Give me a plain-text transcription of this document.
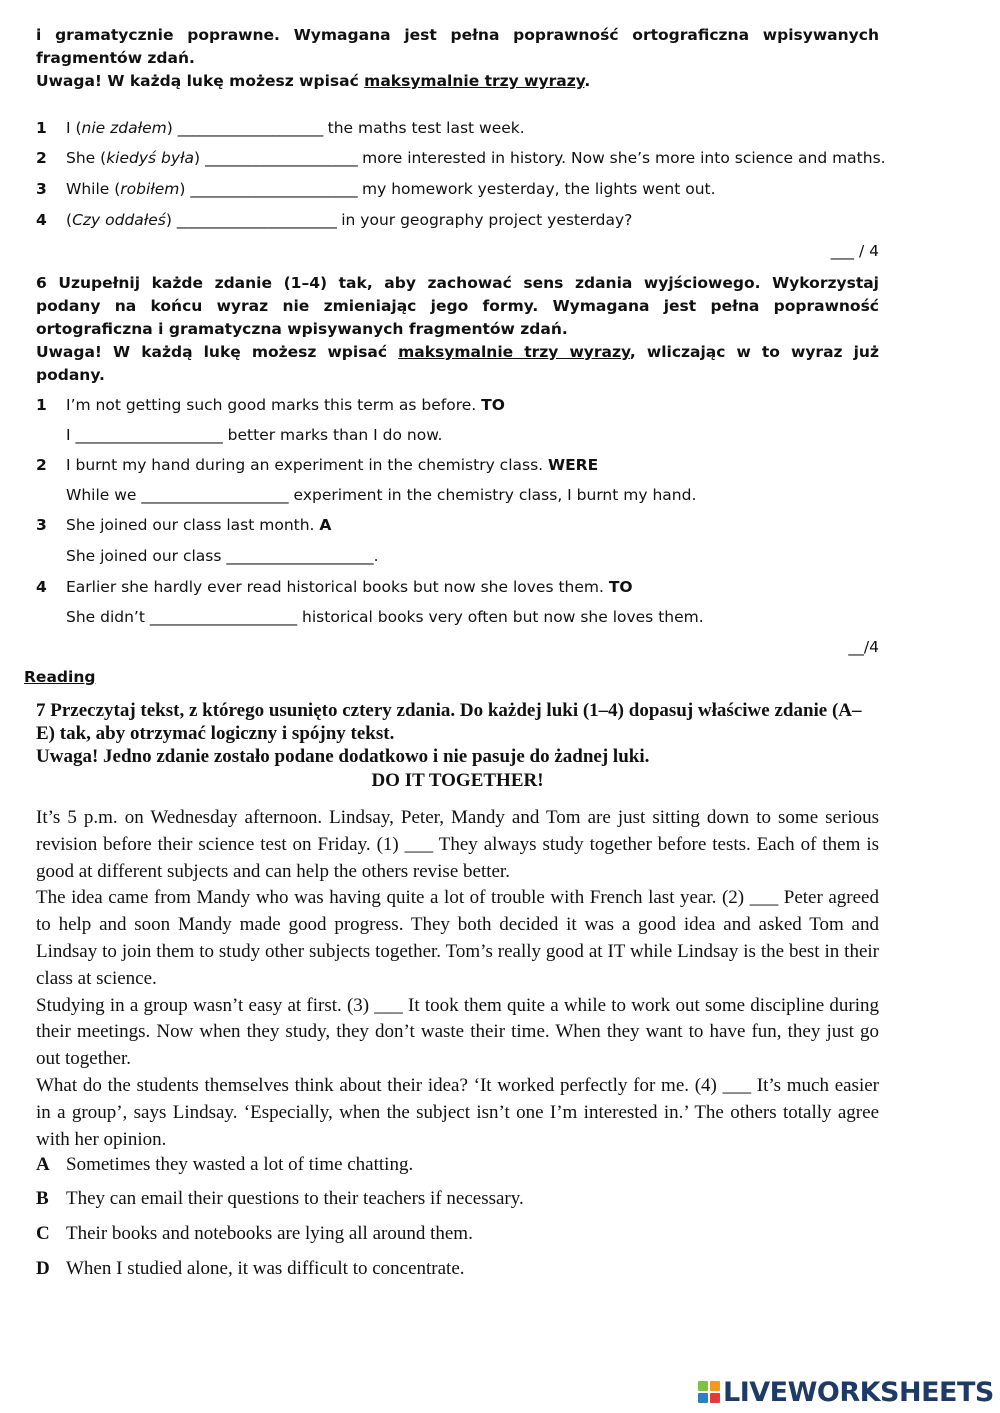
i gramatycznie poprawne. Wymagana jest pełna poprawność ortograficzna wpisywanych fragmentów zdań.

Uwaga! W każdą lukę możesz wpisać maksymalnie trzy wyrazy.

1 I (nie zdałem) ____________________ the maths test last week.
2 She (kiedyś była) _____________________ more interested in history. Now she’s more into science and maths.
3 While (robiłem) _______________________ my homework yesterday, the lights went out.
4 (Czy oddałeś) ______________________ in your geography project yesterday?
___ / 4

6 Uzupełnij każde zdanie (1–4) tak, aby zachować sens zdania wyjściowego. Wykorzystaj podany na końcu wyraz nie zmieniając jego formy. Wymagana jest pełna poprawność ortograficzna i gramatyczna wpisywanych fragmentów zdań.

Uwaga! W każdą lukę możesz wpisać maksymalnie trzy wyrazy, wliczając w to wyraz już podany.

1 I’m not getting such good marks this term as before. TO
I ___________________ better marks than I do now.
2 I burnt my hand during an experiment in the chemistry class. WERE
While we ___________________ experiment in the chemistry class, I burnt my hand.
3 She joined our class last month. A
She joined our class ___________________.
4 Earlier she hardly ever read historical books but now she loves them. TO
She didn’t ___________________ historical books very often but now she loves them.
__/4
Reading

7 Przeczytaj tekst, z którego usunięto cztery zdania. Do każdej luki (1–4) dopasuj właściwe zdanie (A–E) tak, aby otrzymać logiczny i spójny tekst.

Uwaga! Jedno zdanie zostało podane dodatkowo i nie pasuje do żadnej luki.

DO IT TOGETHER!

It’s 5 p.m. on Wednesday afternoon. Lindsay, Peter, Mandy and Tom are just sitting down to some serious revision before their science test on Friday. (1) ___ They always study together before tests. Each of them is good at different subjects and can help the others revise better.

The idea came from Mandy who was having quite a lot of trouble with French last year. (2) ___ Peter agreed to help and soon Mandy made good progress. They both decided it was a good idea and asked Tom and Lindsay to join them to study other subjects together. Tom’s really good at IT while Lindsay is the best in their class at science.

Studying in a group wasn’t easy at first. (3) ___ It took them quite a while to work out some discipline during their meetings. Now when they study, they don’t waste their time. When they want to have fun, they just go out together.

What do the students themselves think about their idea? ‘It worked perfectly for me. (4) ___ It’s much easier in a group’, says Lindsay. ‘Especially, when the subject isn’t one I’m interested in.’ The others totally agree with her opinion.

A Sometimes they wasted a lot of time chatting.
B They can email their questions to their teachers if necessary.
C Their books and notebooks are lying all around them.
D When I studied alone, it was difficult to concentrate.
LIVEWORKSHEETS
